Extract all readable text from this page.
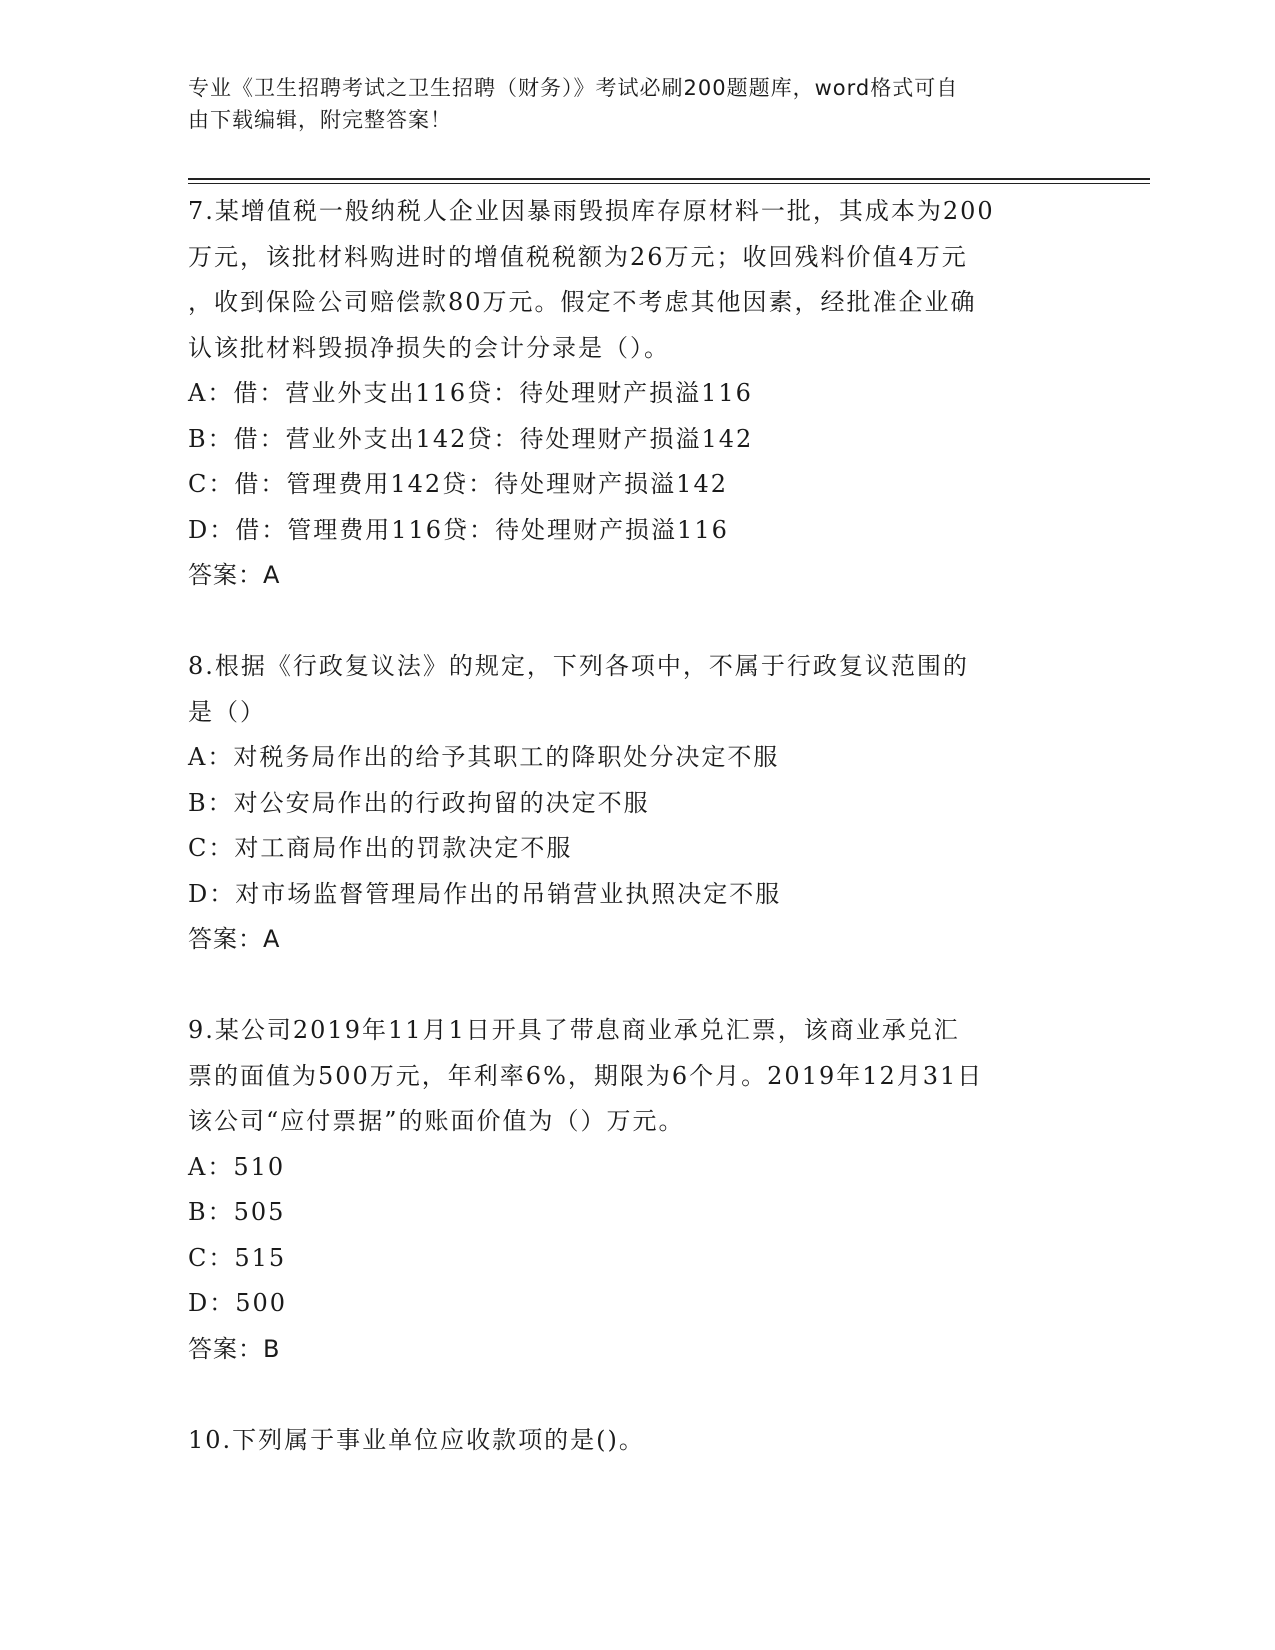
专业《卫生招聘考试之卫生招聘（财务）》考试必刷200题题库，word格式可自
由下载编辑，附完整答案！
7.某增值税一般纳税人企业因暴雨毁损库存原材料一批，其成本为200
万元，该批材料购进时的增值税税额为26万元；收回残料价值4万元
，收到保险公司赔偿款80万元。假定不考虑其他因素，经批准企业确
认该批材料毁损净损失的会计分录是（）。
A：借：营业外支出116贷：待处理财产损溢116
B：借：营业外支出142贷：待处理财产损溢142
C：借：管理费用142贷：待处理财产损溢142
D：借：管理费用116贷：待处理财产损溢116
答案：A
8.根据《行政复议法》的规定，下列各项中，不属于行政复议范围的
是（）
A：对税务局作出的给予其职工的降职处分决定不服
B：对公安局作出的行政拘留的决定不服
C：对工商局作出的罚款决定不服
D：对市场监督管理局作出的吊销营业执照决定不服
答案：A
9.某公司2019年11月1日开具了带息商业承兑汇票，该商业承兑汇
票的面值为500万元，年利率6%，期限为6个月。2019年12月31日
该公司“应付票据”的账面价值为（）万元。
A：510
B：505
C：515
D：500
答案：B
10.下列属于事业单位应收款项的是()。
